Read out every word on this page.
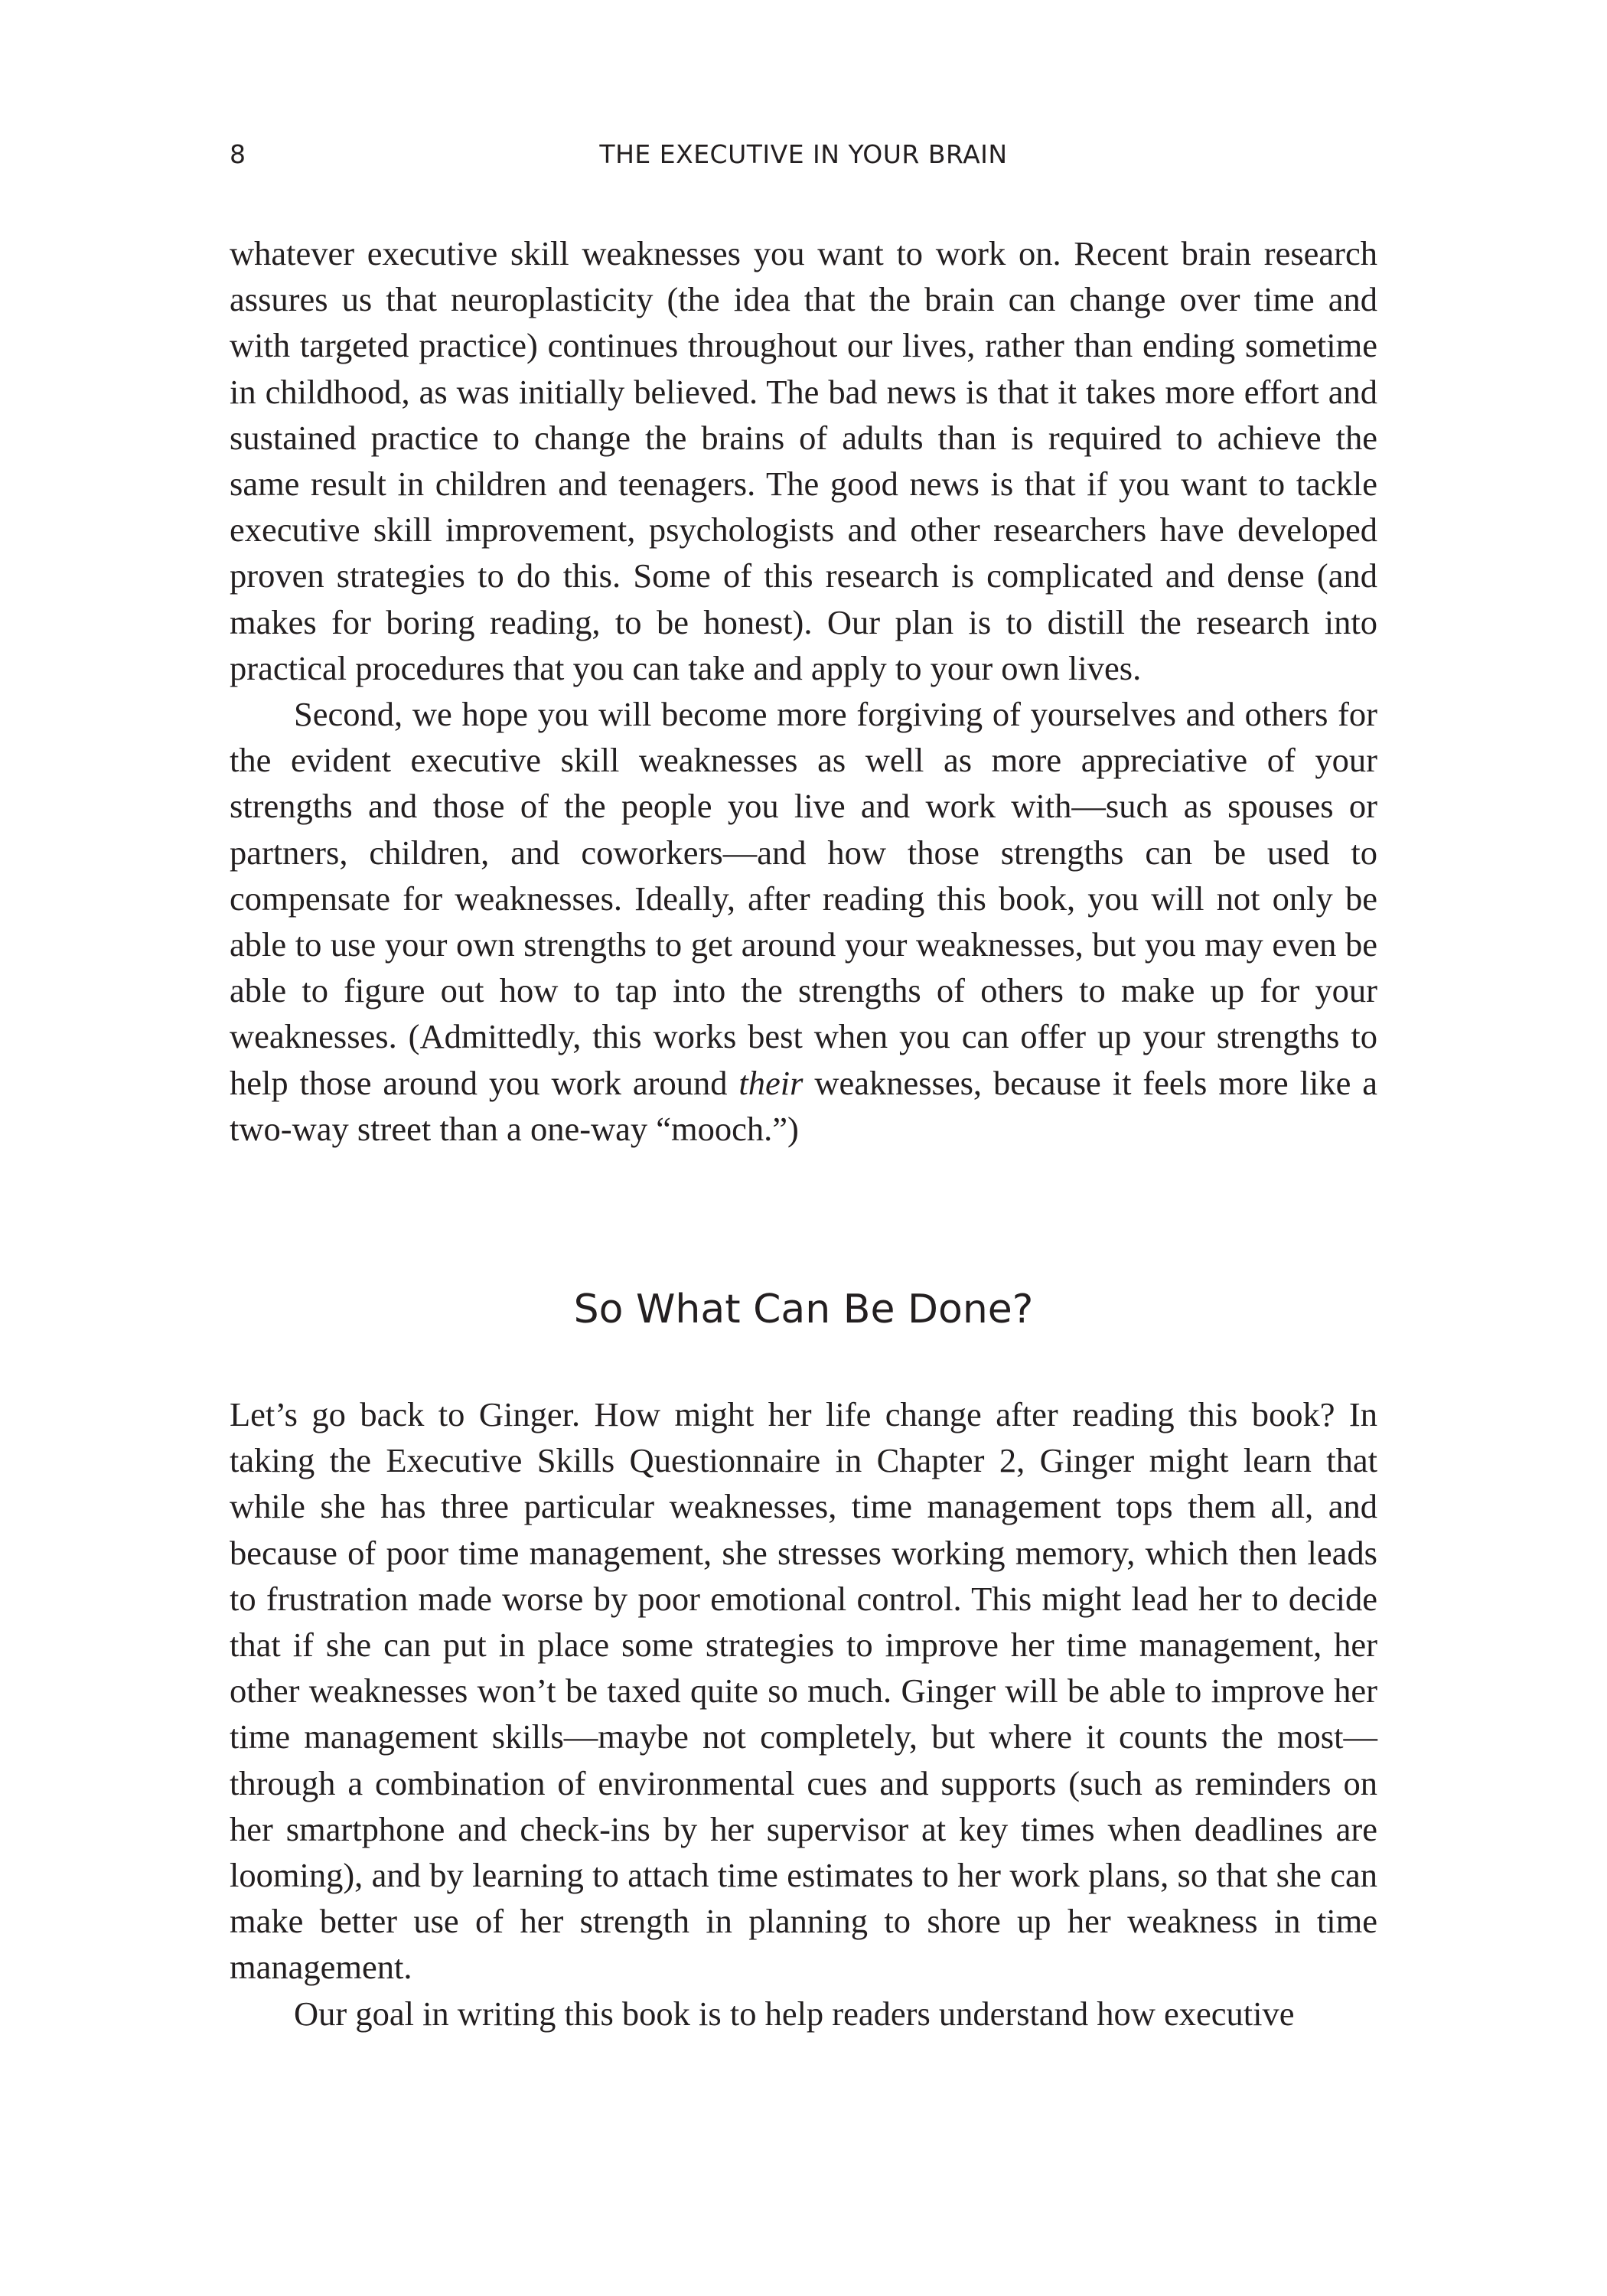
8	THE EXECUTIVE IN YOUR BRAIN

whatever executive skill weaknesses you want to work on. Recent brain research assures us that neuroplasticity (the idea that the brain can change over time and with targeted practice) continues throughout our lives, rather than ending sometime in childhood, as was initially believed. The bad news is that it takes more effort and sustained practice to change the brains of adults than is required to achieve the same result in children and teenagers. The good news is that if you want to tackle executive skill improvement, psychologists and other researchers have developed proven strategies to do this. Some of this research is complicated and dense (and makes for boring reading, to be honest). Our plan is to distill the research into practical procedures that you can take and apply to your own lives.

Second, we hope you will become more forgiving of yourselves and others for the evident executive skill weaknesses as well as more appreciative of your strengths and those of the people you live and work with—such as spouses or partners, children, and coworkers—and how those strengths can be used to compensate for weaknesses. Ideally, after reading this book, you will not only be able to use your own strengths to get around your weaknesses, but you may even be able to figure out how to tap into the strengths of others to make up for your weaknesses. (Admittedly, this works best when you can offer up your strengths to help those around you work around their weaknesses, because it feels more like a two-way street than a one-way “mooch.”)

So What Can Be Done?

Let’s go back to Ginger. How might her life change after reading this book? In taking the Executive Skills Questionnaire in Chapter 2, Ginger might learn that while she has three particular weaknesses, time management tops them all, and because of poor time management, she stresses working memory, which then leads to frustration made worse by poor emotional control. This might lead her to decide that if she can put in place some strategies to improve her time management, her other weaknesses won’t be taxed quite so much. Ginger will be able to improve her time management skills—maybe not completely, but where it counts the most—through a combination of environmental cues and supports (such as reminders on her smartphone and check-ins by her supervisor at key times when deadlines are looming), and by learning to attach time estimates to her work plans, so that she can make better use of her strength in planning to shore up her weakness in time management.

Our goal in writing this book is to help readers understand how executive
